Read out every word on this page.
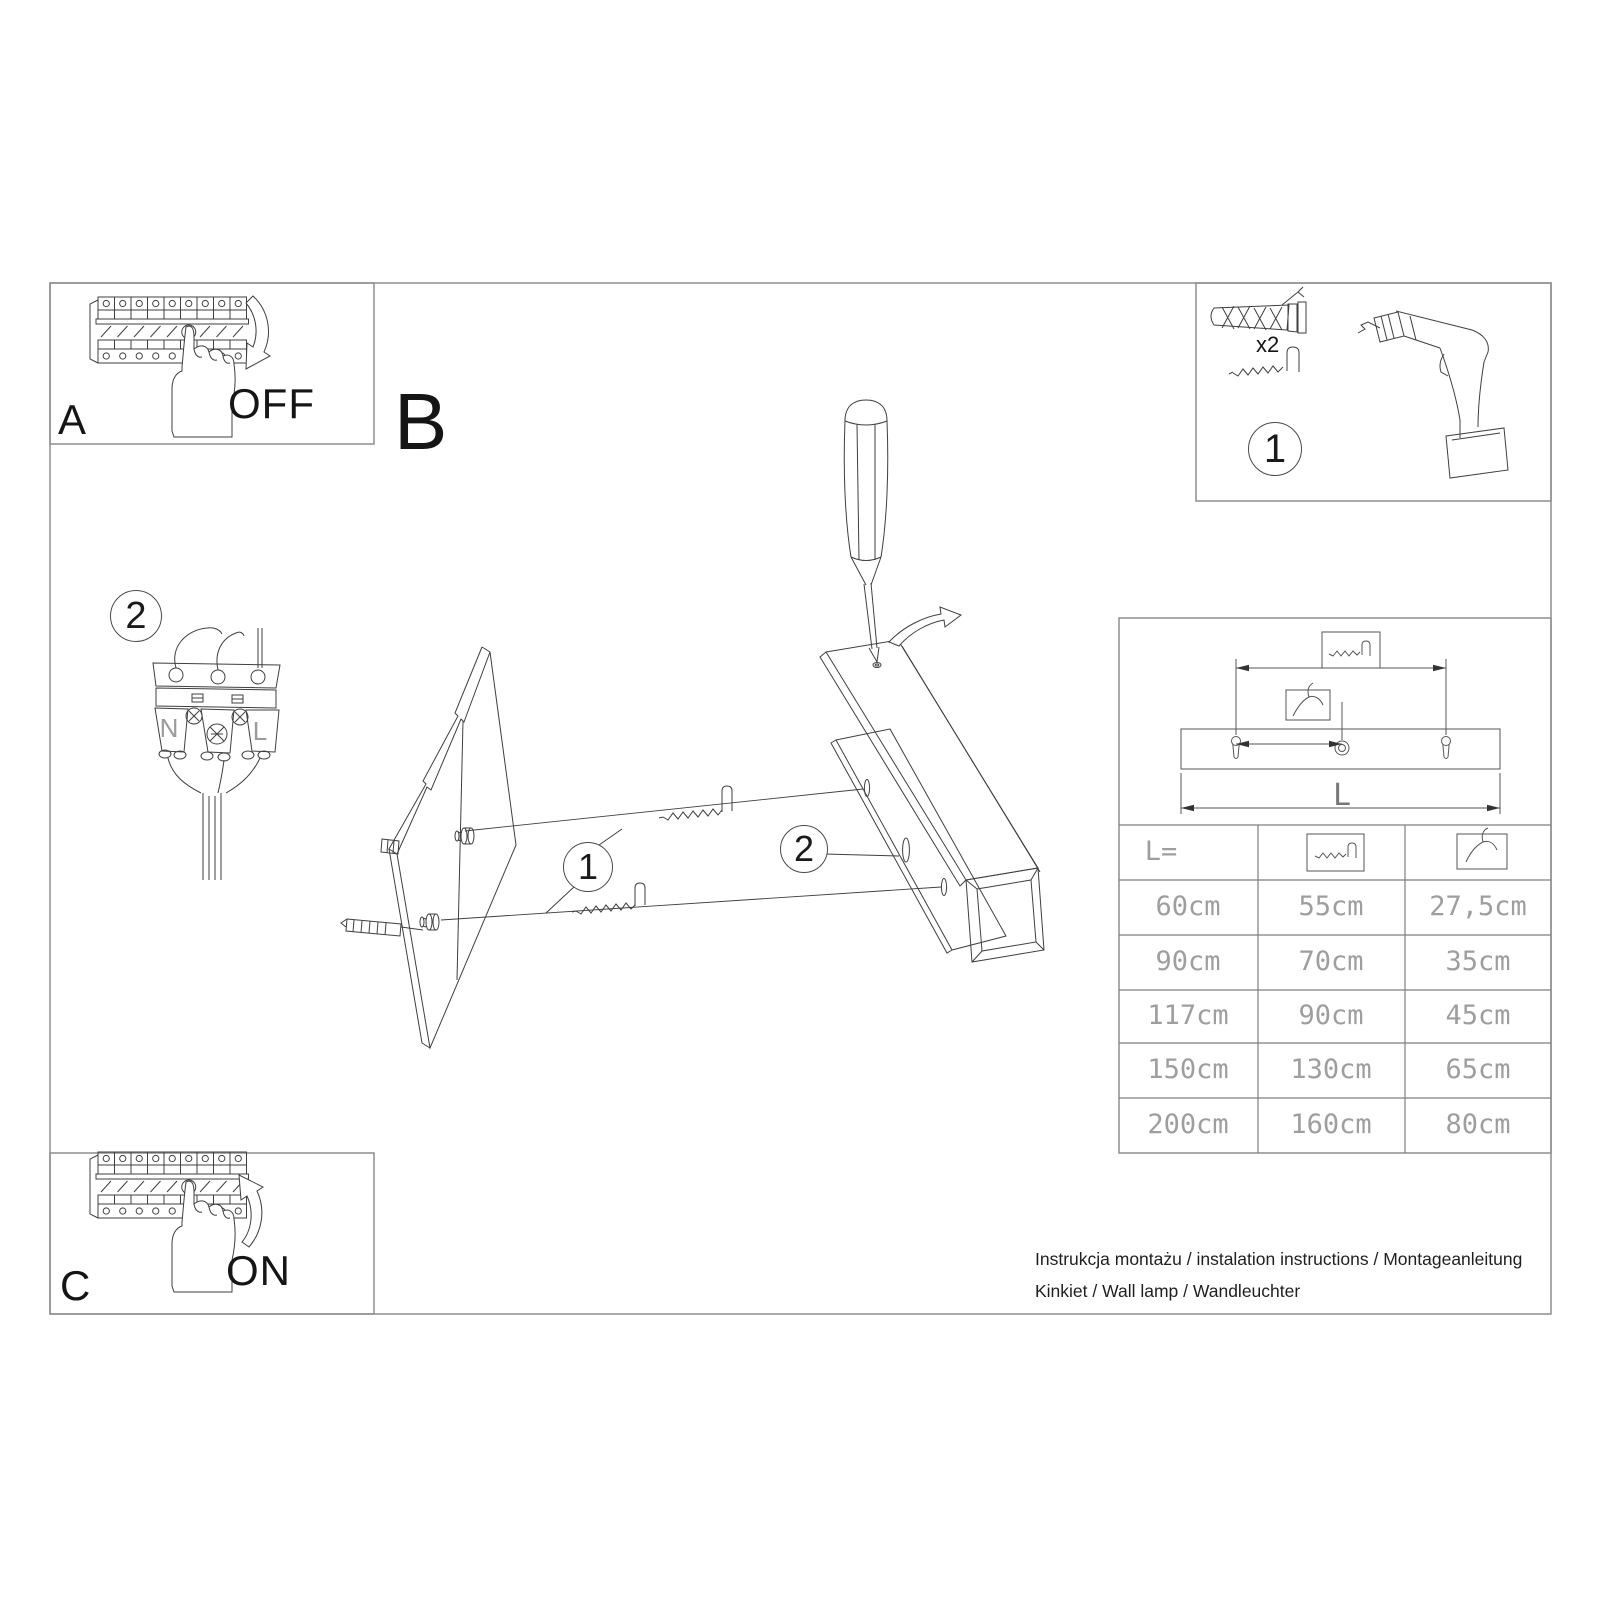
A	B
C
OFF
ON
1
2
1	2
x2
N	L
L
L=
60cm	55cm	27,5cm
90cm	70cm	35cm
117cm	90cm	45cm
150cm	130cm	65cm
200cm	160cm	80cm
Instrukcja montażu / instalation instructions / Montageanleitung
Kinkiet / Wall lamp / Wandleuchter
